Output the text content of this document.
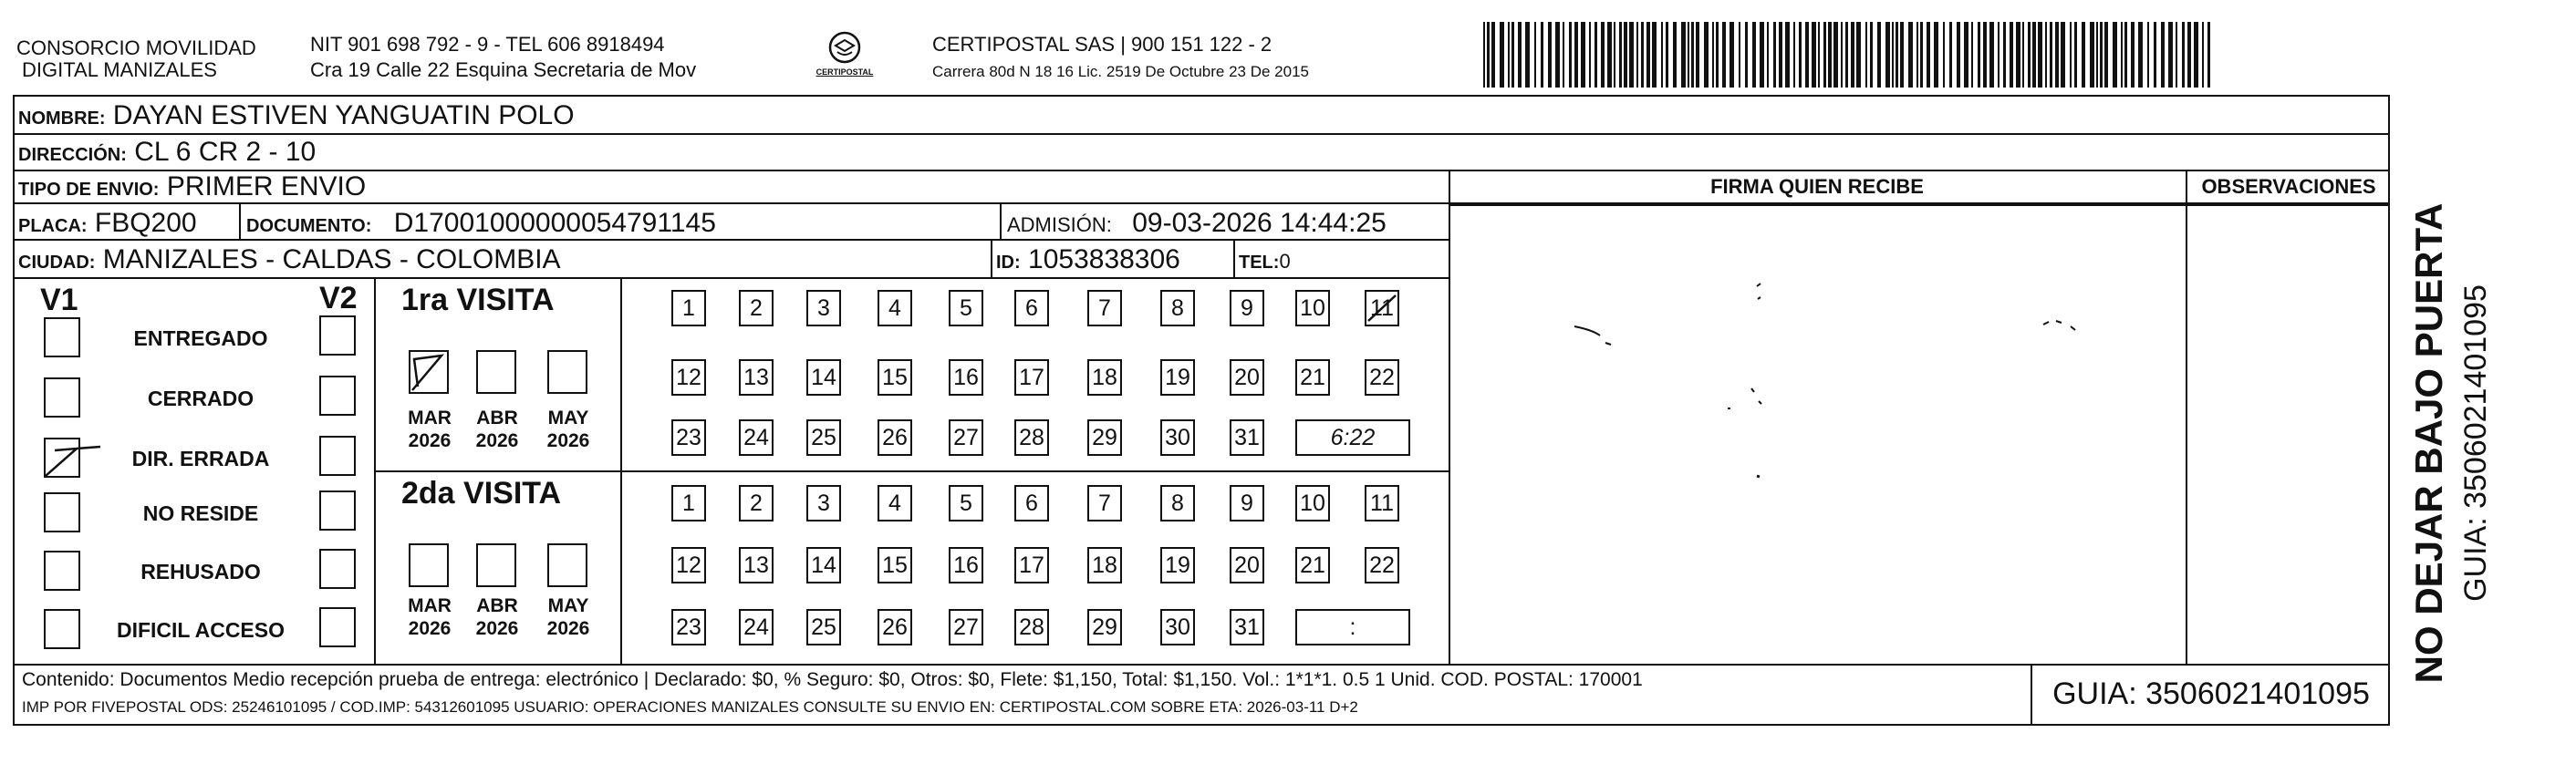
CONSORCIO MOVILIDAD
DIGITAL MANIZALES
NIT 901 698 792 - 9 - TEL 606 8918494
Cra 19 Calle 22 Esquina Secretaria de Mov	CERTIPOSTAL
CERTIPOSTAL SAS | 900 151 122 - 2
Carrera 80d N 18 16 Lic. 2519 De Octubre 23 De 2015
NOMBRE: DAYAN ESTIVEN YANGUATIN POLO
DIRECCIÓN: CL 6 CR 2 - 10
TIPO DE ENVIO: PRIMER ENVIO
PLACA: FBQ200	DOCUMENTO: D17001000000054791145	ADMISIÓN: 09-03-2026 14:44:25
CIUDAD: MANIZALES - CALDAS - COLOMBIA	ID: 1053838306	TEL:0
FIRMA QUIEN RECIBE	OBSERVACIONES
V1	V2
ENTREGADO
CERRADO
DIR. ERRADA
NO RESIDE
REHUSADO
DIFICIL ACCESO
1ra VISITA
2da VISITA
MAR
2026
ABR
2026
MAY
2026
MAR
2026
ABR
2026
MAY
2026
1	2	3	4	5	6	7	8	9	10 11
12 13 14 15 16 17 18 19 20 21 22
23 24 25 26 27 28 29 30 31	6:22
1	2	3	4	5	6	7	8	9	10 11
12 13 14 15 16 17 18 19 20 21 22
23 24 25 26 27 28 29 30 31	:
Contenido: Documentos Medio recepción prueba de entrega: electrónico | Declarado: $0, % Seguro: $0, Otros: $0, Flete: $1,150, Total: $1,150. Vol.: 1*1*1. 0.5 1 Unid. COD. POSTAL: 170001
IMP POR FIVEPOSTAL ODS: 25246101095 / COD.IMP: 54312601095 USUARIO: OPERACIONES MANIZALES CONSULTE SU ENVIO EN: CERTIPOSTAL.COM SOBRE ETA: 2026-03-11 D+2	GUIA: 3506021401095
NO DEJAR BAJO PUERTA GUIA: 3506021401095
